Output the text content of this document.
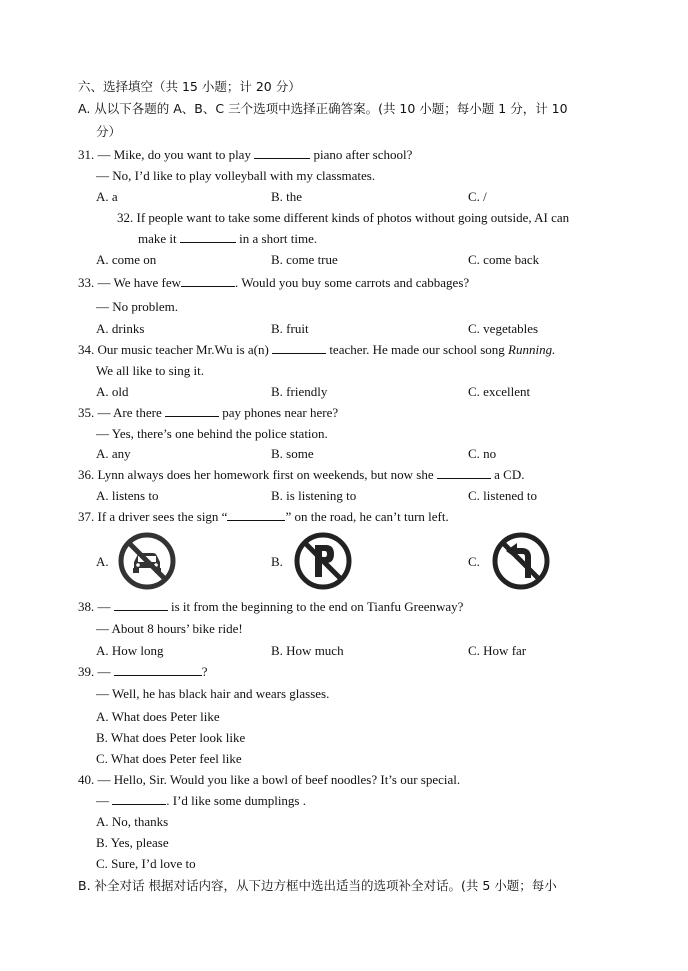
六、选择填空（共 15 小题；计 20 分）
A. 从以下各题的 A、B、C 三个选项中选择正确答案。(共 10 小题；每小题 1 分，计 10
分）
31. — Mike, do you want to play	piano after school?
— No, I’d like to play volleyball with my classmates.
A. a	B. the	C. /
32. If people want to take some different kinds of photos without going outside, AI can
make it	in a short time.
A. come on	B. come true	C. come back
33. — We have few	. Would you buy some carrots and cabbages?
— No problem.
A. drinks	B. fruit	C. vegetables
34. Our music teacher Mr.Wu is a(n)	teacher. He made our school song Running.
We all like to sing it.
A. old	B. friendly	C. excellent
35. — Are there	pay phones near here?
— Yes, there’s one behind the police station.
A. any	B. some	C. no
36. Lynn always does her homework first on weekends, but now she	a CD.
A. listens to	B. is listening to	C. listened to
37. If a driver sees the sign “	” on the road, he can’t turn left.
A.	B.	C.
38. —	is it from the beginning to the end on Tianfu Greenway?
— About 8 hours’ bike ride!
A. How long	B. How much	C. How far
39. —	?
— Well, he has black hair and wears glasses.
A. What does Peter like
B. What does Peter look like
C. What does Peter feel like
40. — Hello, Sir. Would you like a bowl of beef noodles? It’s our special.
—	. I’d like some dumplings .
A. No, thanks
B. Yes, please
C. Sure, I’d love to
B. 补全对话 根据对话内容，从下边方框中选出适当的选项补全对话。(共 5 小题；每小
